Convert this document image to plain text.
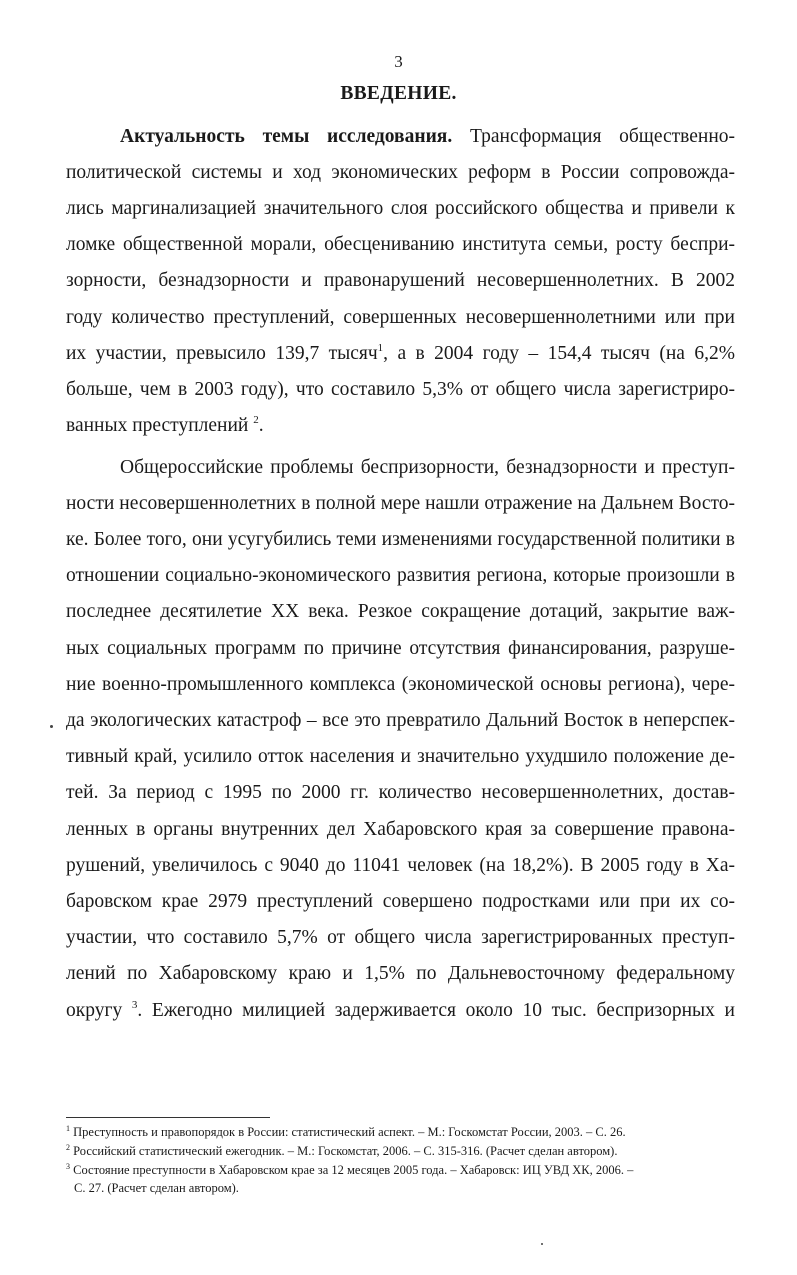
3
ВВЕДЕНИЕ.
Актуальность темы исследования. Трансформация общественно-
политической системы и ход экономических реформ в России сопровожда-
лись маргинализацией значительного слоя российского общества и привели к
ломке общественной морали, обесцениванию института семьи, росту беспри-
зорности, безнадзорности и правонарушений несовершеннолетних. В 2002
году количество преступлений, совершенных несовершеннолетними или при
их участии, превысило 139,7 тысяч$^1$, а в 2004 году – 154,4 тысяч (на 6,2%
больше, чем в 2003 году), что составило 5,3% от общего числа зарегистриро-
ванных преступлений $^2$.
Общероссийские проблемы беспризорности, безнадзорности и преступ-
ности несовершеннолетних в полной мере нашли отражение на Дальнем Восто-
ке. Более того, они усугубились теми изменениями государственной политики в
отношении социально-экономического развития региона, которые произошли в
последнее десятилетие XX века. Резкое сокращение дотаций, закрытие важ-
ных социальных программ по причине отсутствия финансирования, разруше-
ние военно-промышленного комплекса (экономической основы региона), чере-
да экологических катастроф – все это превратило Дальний Восток в неперспек-
тивный край, усилило отток населения и значительно ухудшило положение де-
тей. За период с 1995 по 2000 гг. количество несовершеннолетних, достав-
ленных в органы внутренних дел Хабаровского края за совершение правона-
рушений, увеличилось с 9040 до 11041 человек (на 18,2%). В 2005 году в Ха-
баровском крае 2979 преступлений совершено подростками или при их со-
участии, что составило 5,7% от общего числа зарегистрированных преступ-
лений по Хабаровскому краю и 1,5% по Дальневосточному федеральному
округу $^3$. Ежегодно милицией задерживается около 10 тыс. беспризорных и
$^1$ Преступность и правопорядок в России: статистический аспект. – М.: Госкомстат России, 2003. – С. 26.
$^2$ Российский статистический ежегодник. – М.: Госкомстат, 2006. – С. 315-316. (Расчет сделан автором).
$^3$ Состояние преступности в Хабаровском крае за 12 месяцев 2005 года. – Хабаровск: ИЦ УВД ХК, 2006. –
С. 27. (Расчет сделан автором).
